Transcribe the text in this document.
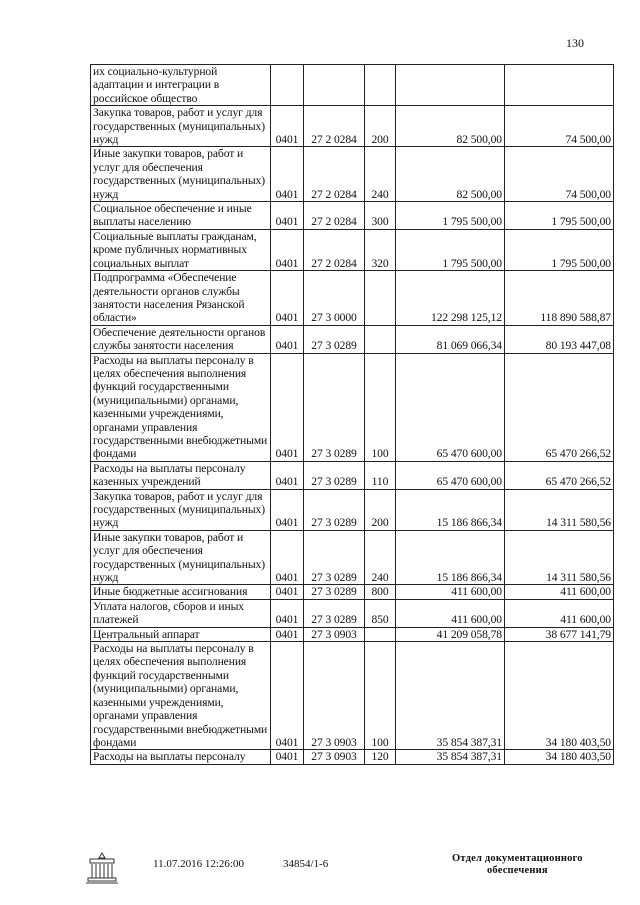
130
их социально-культурной адаптации и интеграции в российское общество					
Закупка товаров, работ и услуг для государственных (муниципальных) нужд	0401	27 2 0284	200	82 500,00	74 500,00
Иные закупки товаров, работ и услуг для обеспечения государственных (муниципальных) нужд	0401	27 2 0284	240	82 500,00	74 500,00
Социальное обеспечение и иные выплаты населению	0401	27 2 0284	300	1 795 500,00	1 795 500,00
Социальные выплаты гражданам, кроме публичных нормативных социальных выплат	0401	27 2 0284	320	1 795 500,00	1 795 500,00
Подпрограмма «Обеспечение деятельности органов службы занятости населения Рязанской области»	0401	27 3 0000		122 298 125,12	118 890 588,87
Обеспечение деятельности органов службы занятости населения	0401	27 3 0289		81 069 066,34	80 193 447,08
Расходы на выплаты персоналу в целях обеспечения выполнения функций государственными (муниципальными) органами, казенными учреждениями, органами управления государственными внебюджетными фондами	0401	27 3 0289	100	65 470 600,00	65 470 266,52
Расходы на выплаты персоналу казенных учреждений	0401	27 3 0289	110	65 470 600,00	65 470 266,52
Закупка товаров, работ и услуг для государственных (муниципальных) нужд	0401	27 3 0289	200	15 186 866,34	14 311 580,56
Иные закупки товаров, работ и услуг для обеспечения государственных (муниципальных) нужд	0401	27 3 0289	240	15 186 866,34	14 311 580,56
Иные бюджетные ассигнования	0401	27 3 0289	800	411 600,00	411 600,00
Уплата налогов, сборов и иных платежей	0401	27 3 0289	850	411 600,00	411 600,00
Центральный аппарат	0401	27 3 0903		41 209 058,78	38 677 141,79
Расходы на выплаты персоналу в целях обеспечения выполнения функций государственными (муниципальными) органами, казенными учреждениями, органами управления государственными внебюджетными фондами	0401	27 3 0903	100	35 854 387,31	34 180 403,50
Расходы на выплаты персоналу	0401	27 3 0903	120	35 854 387,31	34 180 403,50
11.07.2016 12:26:00	34854/1-6	Отдел документационного
обеспечения
